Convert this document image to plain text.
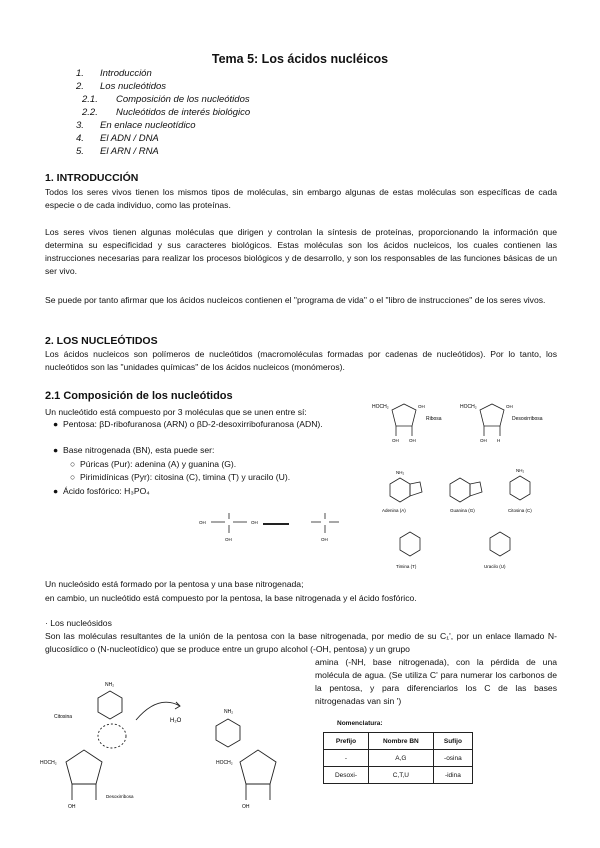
Tema 5: Los ácidos nucléicos
1. Introducción
2. Los nucleótidos
2.1. Composición de los nucleótidos
2.2. Nucleótidos de interés biológico
3. En enlace nucleotídico
4. El ADN / DNA
5. El ARN / RNA
1. INTRODUCCIÓN
Todos los seres vivos tienen los mismos tipos de moléculas, sin embargo algunas de estas moléculas son específicas de cada especie o de cada individuo, como las proteínas.
Los seres vivos tienen algunas moléculas que dirigen y controlan la síntesis de proteínas, proporcionando la información que determina su especificidad y sus caracteres biológicos. Estas moléculas son los ácidos nucleicos, los cuales contienen las instrucciones necesarias para realizar los procesos biológicos y de desarrollo, y son los responsables de las funciones básicas de un ser vivo.
Se puede por tanto afirmar que los ácidos nucleicos contienen el "programa de vida" o el "libro de instrucciones" de los seres vivos.
2. LOS NUCLEÓTIDOS
Los ácidos nucleicos son polímeros de nucleótidos (macromoléculas formadas por cadenas de nucleótidos). Por lo tanto, los nucleótidos son las "unidades químicas" de los ácidos nucleicos (monómeros).
2.1 Composición de los nucleótidos
Un nucleótido está compuesto por 3 moléculas que se unen entre sí:
● Pentosa: βD-ribofuranosa (ARN) o βD-2-desoxirribofuranosa (ADN).
● Base nitrogenada (BN), esta puede ser:
○ Púricas (Pur): adenina (A) y guanina (G).
○ Pirimidínicas (Pyr): citosina (C), timina (T) y uracilo (U).
● Ácido fosfórico: H₃PO₄
HOCH₂	HOCH₂
OH	OH
OH OH	OH H
Ribosa	Desoxirribosa
NH₂	NH₂
Adenina (A)	Guanina (G)	Citosina (C)
Timina (T)	Uracilo (U)
OH	OH
OH	OH
Un nucleósido está formado por la pentosa y una base nitrogenada;
en cambio, un nucleótido está compuesto por la pentosa, la base nitrogenada y el ácido fosfórico.
· Los nucleósidos
Son las moléculas resultantes de la unión de la pentosa con la base nitrogenada, por medio de su C₁', por un enlace llamado N-glucosídico o (N-nucleotídico) que se produce entre un grupo alcohol (-OH, pentosa) y un grupo
amina (-NH, base nitrogenada), con la pérdida de una molécula de agua. (Se utiliza C' para numerar los carbonos de la pentosa, y para diferenciarlos los C de las bases nitrogenadas van sin ')
NH₂
NH₂
Citosina
H₂O
HOCH₂	HOCH₂
OH	OH
Desoxirribosa
Nomenclatura:
Prefijo	Nombre BN	Sufijo
-	A,G	-osina
Desoxi-	C,T,U	-idina
